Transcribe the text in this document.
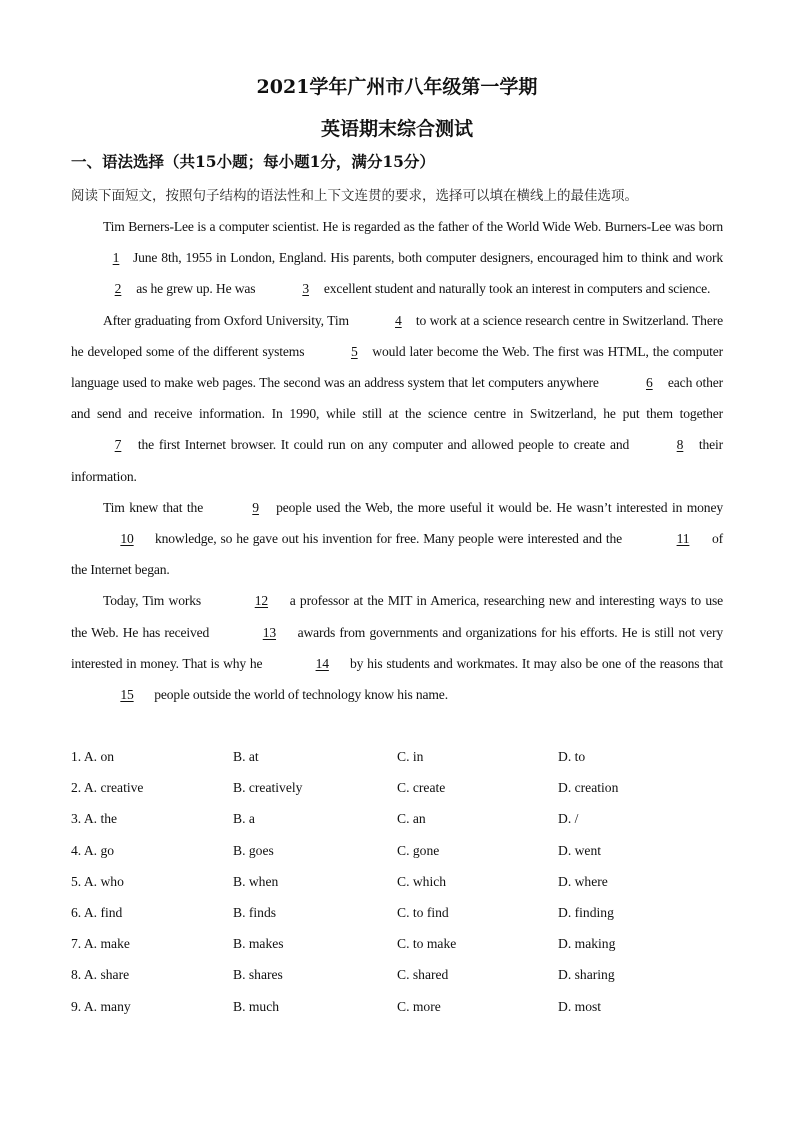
2021学年广州市八年级第一学期
英语期末综合测试
一、语法选择（共15小题；每小题1分，满分15分）
阅读下面短文，按照句子结构的语法性和上下文连贯的要求，选择可以填在横线上的最佳选项。

Tim Berners-Lee is a computer scientist. He is regarded as the father of the World Wide Web. Burners-Lee was born 1 June 8th, 1955 in London, England. His parents, both computer designers, encouraged him to think and work 2 as he grew up. He was	3 excellent student and naturally took an interest in computers and science.

After graduating from Oxford University, Tim	4 to work at a science research centre in Switzerland. There he developed some of the different systems	5 would later become the Web. The first was HTML, the computer language used to make web pages. The second was an address system that let computers anywhere	6 each other and send and receive information. In 1990, while still at the science centre in Switzerland, he put them together 7 the first Internet browser. It could run on any computer and allowed people to create and	8 their information.

Tim knew that the	9 people used the Web, the more useful it would be. He wasn’t interested in money 10 knowledge, so he gave out his invention for free. Many people were interested and the	11 of the Internet began.

Today, Tim works	12 a professor at the MIT in America, researching new and interesting ways to use the Web. He has received	13 awards from governments and organizations for his efforts. He is still not very interested in money. That is why he	14 by his students and workmates. It may also be one of the reasons that 15 people outside the world of technology know his name.

1. A. on	B. at	C. in	D. to
2. A. creative	B. creatively	C. create	D. creation
3. A. the	B. a	C. an	D. /
4. A. go	B. goes	C. gone	D. went
5. A. who	B. when	C. which	D. where
6. A. find	B. finds	C. to find	D. finding
7. A. make	B. makes	C. to make	D. making
8. A. share	B. shares	C. shared	D. sharing
9. A. many	B. much	C. more	D. most
